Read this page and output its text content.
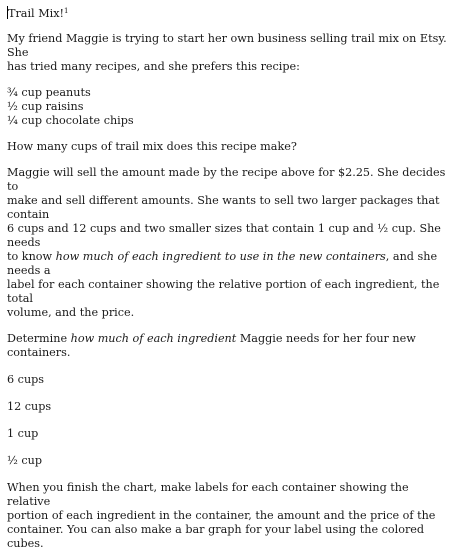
Trail Mix!$^1$

My friend Maggie is trying to start her own business selling trail mix on Etsy. She

has tried many recipes, and she prefers this recipe:

¾ cup peanuts

½ cup raisins

¼ cup chocolate chips

How many cups of trail mix does this recipe make?

Maggie will sell the amount made by the recipe above for $2.25. She decides to

make and sell different amounts. She wants to sell two larger packages that contain

6 cups and 12 cups and two smaller sizes that contain 1 cup and ½ cup. She needs

to know how much of each ingredient to use in the new containers, and she needs a

label for each container showing the relative portion of each ingredient, the total

volume, and the price.

Determine how much of each ingredient Maggie needs for her four new containers.

6 cups

12 cups

1 cup

½ cup

When you finish the chart, make labels for each container showing the relative

portion of each ingredient in the container, the amount and the price of the

container. You can also make a bar graph for your label using the colored cubes.
